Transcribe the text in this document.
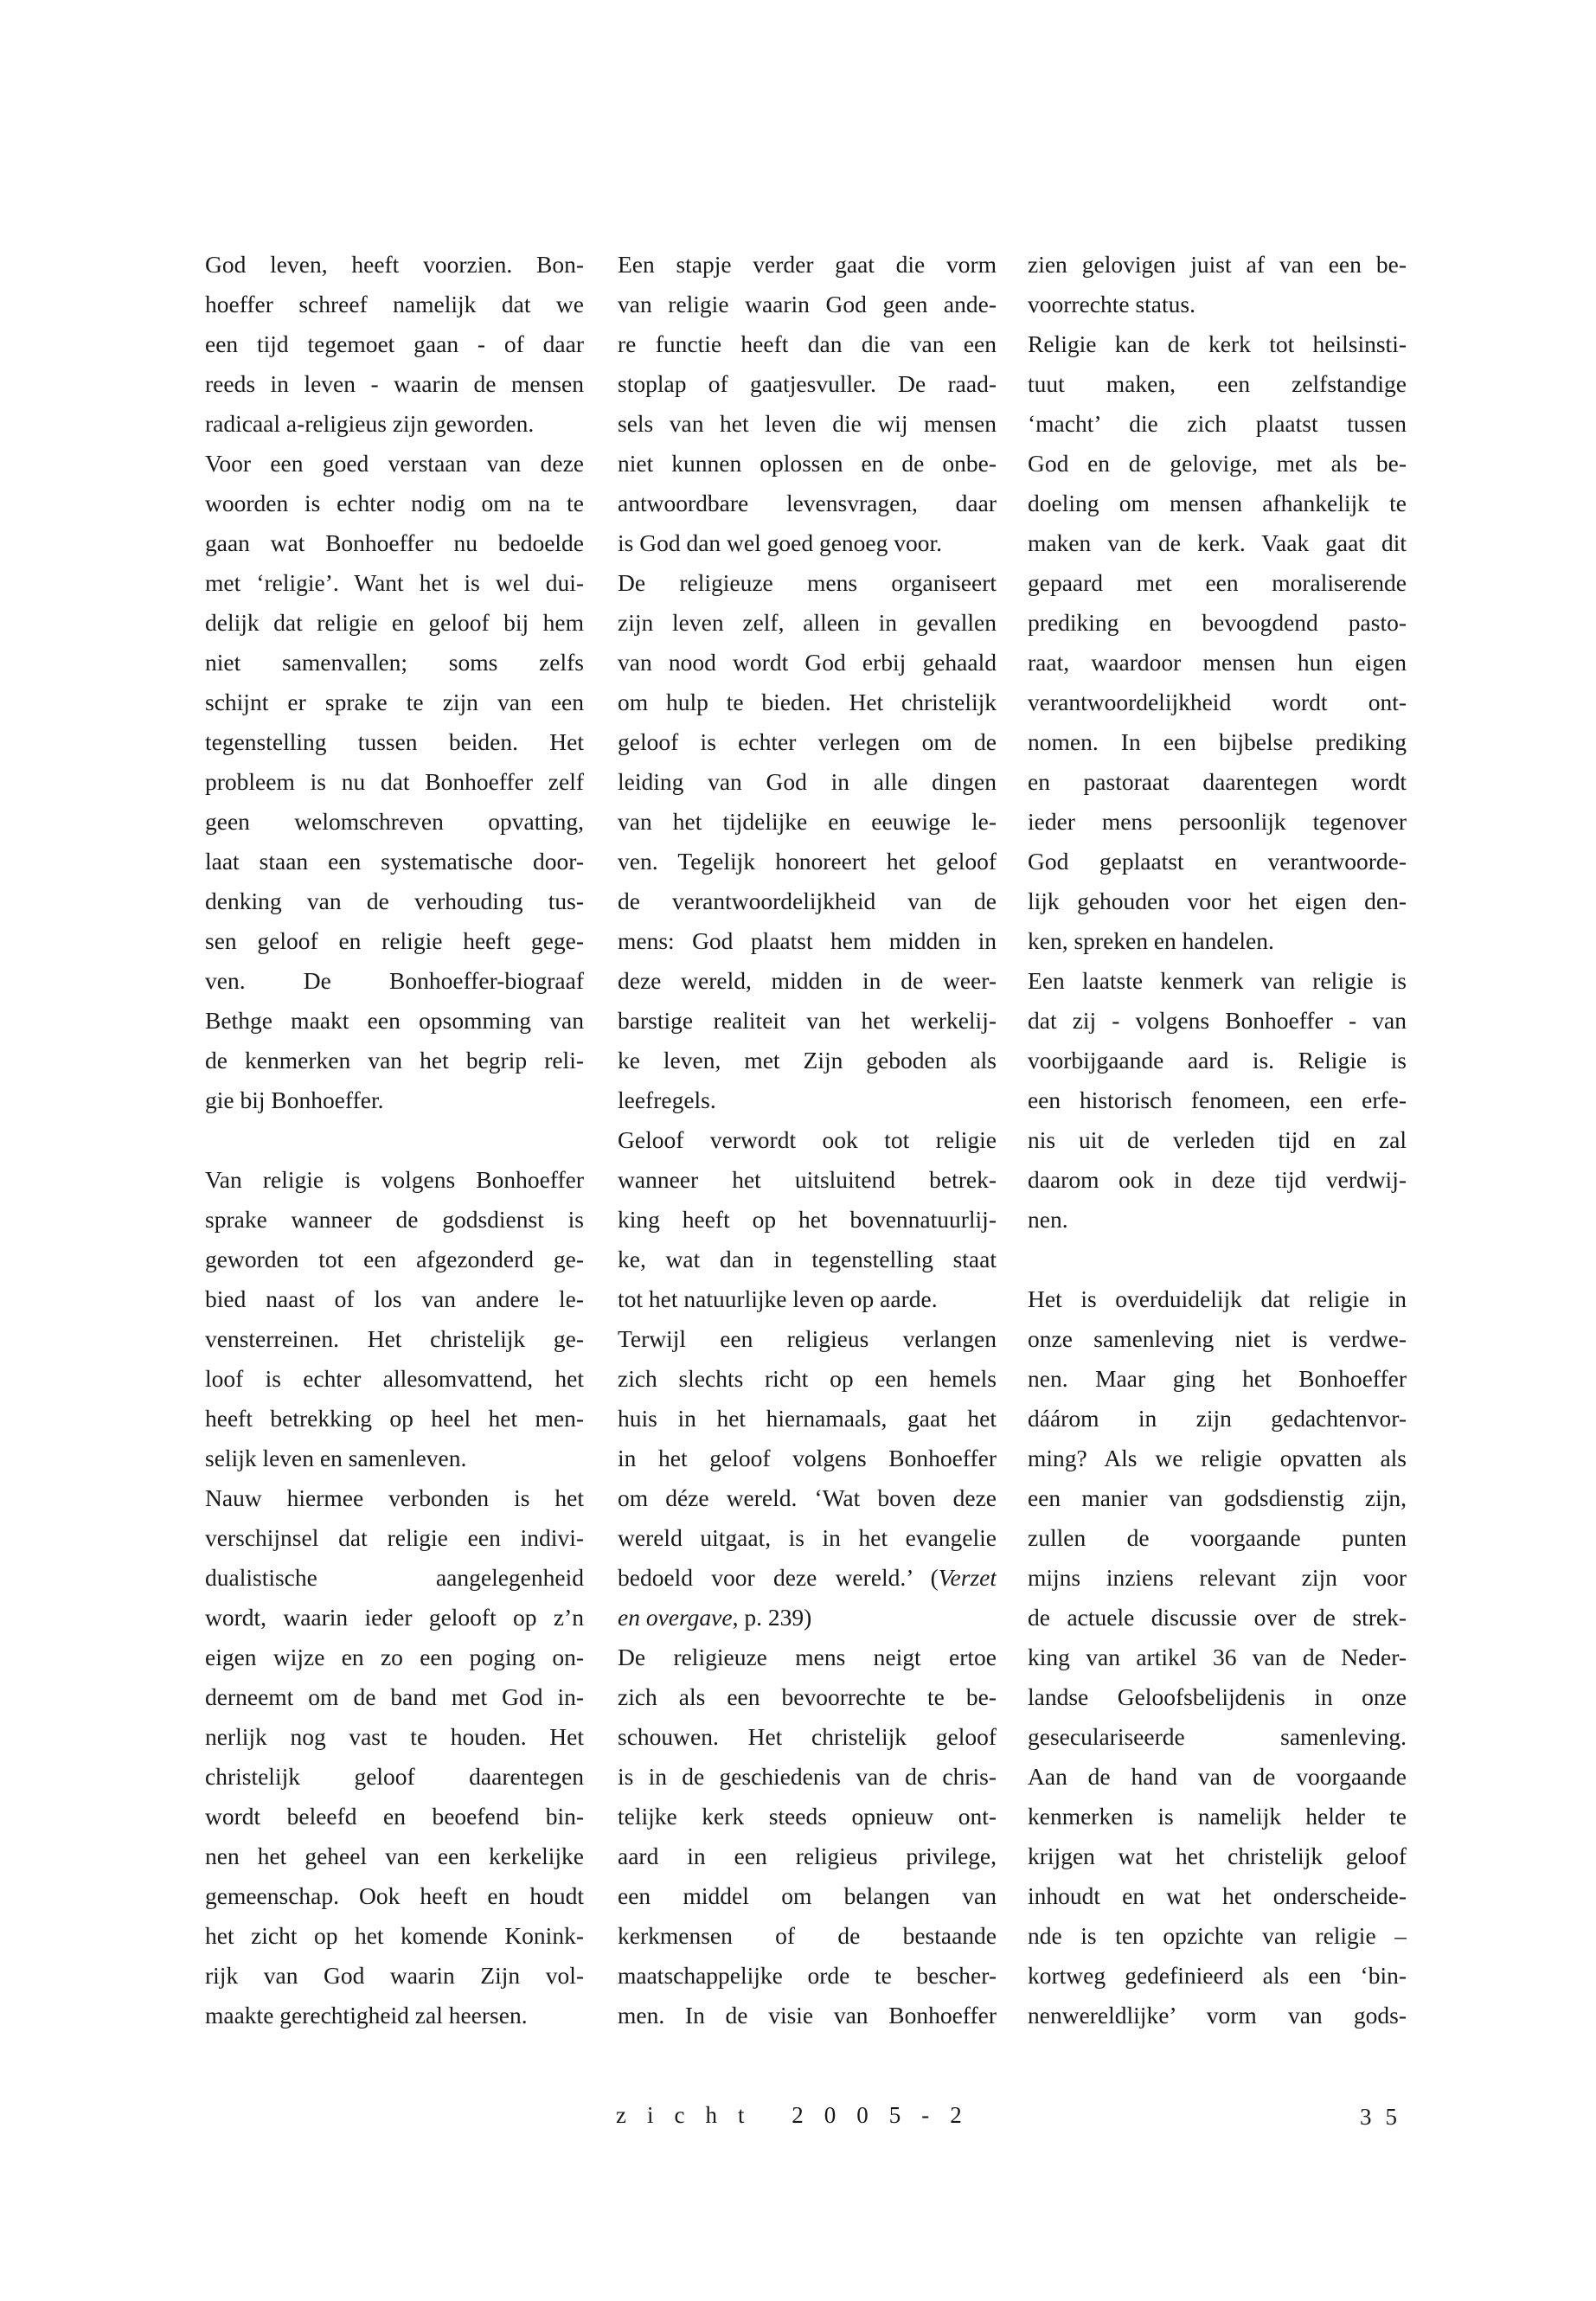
God leven, heeft voorzien. Bon-
hoeffer schreef namelijk dat we
een tijd tegemoet gaan - of daar
reeds in leven - waarin de mensen
radicaal a-religieus zijn geworden.
Voor een goed verstaan van deze
woorden is echter nodig om na te
gaan wat Bonhoeffer nu bedoelde
met ‘religie’. Want het is wel dui-
delijk dat religie en geloof bij hem
niet samenvallen; soms zelfs
schijnt er sprake te zijn van een
tegenstelling tussen beiden. Het
probleem is nu dat Bonhoeffer zelf
geen welomschreven opvatting,
laat staan een systematische door-
denking van de verhouding tus-
sen geloof en religie heeft gege-
ven. De Bonhoeffer-biograaf
Bethge maakt een opsomming van
de kenmerken van het begrip reli-
gie bij Bonhoeffer.
Van religie is volgens Bonhoeffer
sprake wanneer de godsdienst is
geworden tot een afgezonderd ge-
bied naast of los van andere le-
vensterreinen. Het christelijk ge-
loof is echter allesomvattend, het
heeft betrekking op heel het men-
selijk leven en samenleven.
Nauw hiermee verbonden is het
verschijnsel dat religie een indivi-
dualistische aangelegenheid
wordt, waarin ieder gelooft op z’n
eigen wijze en zo een poging on-
derneemt om de band met God in-
nerlijk nog vast te houden. Het
christelijk geloof daarentegen
wordt beleefd en beoefend bin-
nen het geheel van een kerkelijke
gemeenschap. Ook heeft en houdt
het zicht op het komende Konink-
rijk van God waarin Zijn vol-
maakte gerechtigheid zal heersen.
Een stapje verder gaat die vorm
van religie waarin God geen ande-
re functie heeft dan die van een
stoplap of gaatjesvuller. De raad-
sels van het leven die wij mensen
niet kunnen oplossen en de onbe-
antwoordbare levensvragen, daar
is God dan wel goed genoeg voor.
De religieuze mens organiseert
zijn leven zelf, alleen in gevallen
van nood wordt God erbij gehaald
om hulp te bieden. Het christelijk
geloof is echter verlegen om de
leiding van God in alle dingen
van het tijdelijke en eeuwige le-
ven. Tegelijk honoreert het geloof
de verantwoordelijkheid van de
mens: God plaatst hem midden in
deze wereld, midden in de weer-
barstige realiteit van het werkelij-
ke leven, met Zijn geboden als
leefregels.
Geloof verwordt ook tot religie
wanneer het uitsluitend betrek-
king heeft op het bovennatuurlij-
ke, wat dan in tegenstelling staat
tot het natuurlijke leven op aarde.
Terwijl een religieus verlangen
zich slechts richt op een hemels
huis in het hiernamaals, gaat het
in het geloof volgens Bonhoeffer
om déze wereld. ‘Wat boven deze
wereld uitgaat, is in het evangelie
bedoeld voor deze wereld.’ (Verzet
en overgave, p. 239)
De religieuze mens neigt ertoe
zich als een bevoorrechte te be-
schouwen. Het christelijk geloof
is in de geschiedenis van de chris-
telijke kerk steeds opnieuw ont-
aard in een religieus privilege,
een middel om belangen van
kerkmensen of de bestaande
maatschappelijke orde te bescher-
men. In de visie van Bonhoeffer
zien gelovigen juist af van een be-
voorrechte status.
Religie kan de kerk tot heilsinsti-
tuut maken, een zelfstandige
‘macht’ die zich plaatst tussen
God en de gelovige, met als be-
doeling om mensen afhankelijk te
maken van de kerk. Vaak gaat dit
gepaard met een moraliserende
prediking en bevoogdend pasto-
raat, waardoor mensen hun eigen
verantwoordelijkheid wordt ont-
nomen. In een bijbelse prediking
en pastoraat daarentegen wordt
ieder mens persoonlijk tegenover
God geplaatst en verantwoorde-
lijk gehouden voor het eigen den-
ken, spreken en handelen.
Een laatste kenmerk van religie is
dat zij - volgens Bonhoeffer - van
voorbijgaande aard is. Religie is
een historisch fenomeen, een erfe-
nis uit de verleden tijd en zal
daarom ook in deze tijd verdwij-
nen.
Het is overduidelijk dat religie in
onze samenleving niet is verdwe-
nen. Maar ging het Bonhoeffer
dáárom in zijn gedachtenvor-
ming? Als we religie opvatten als
een manier van godsdienstig zijn,
zullen de voorgaande punten
mijns inziens relevant zijn voor
de actuele discussie over de strek-
king van artikel 36 van de Neder-
landse Geloofsbelijdenis in onze
geseculariseerde samenleving.
Aan de hand van de voorgaande
kenmerken is namelijk helder te
krijgen wat het christelijk geloof
inhoudt en wat het onderscheide-
nde is ten opzichte van religie –
kortweg gedefinieerd als een ‘bin-
nenwereldlijke’ vorm van gods-
zicht 2005-2	35
